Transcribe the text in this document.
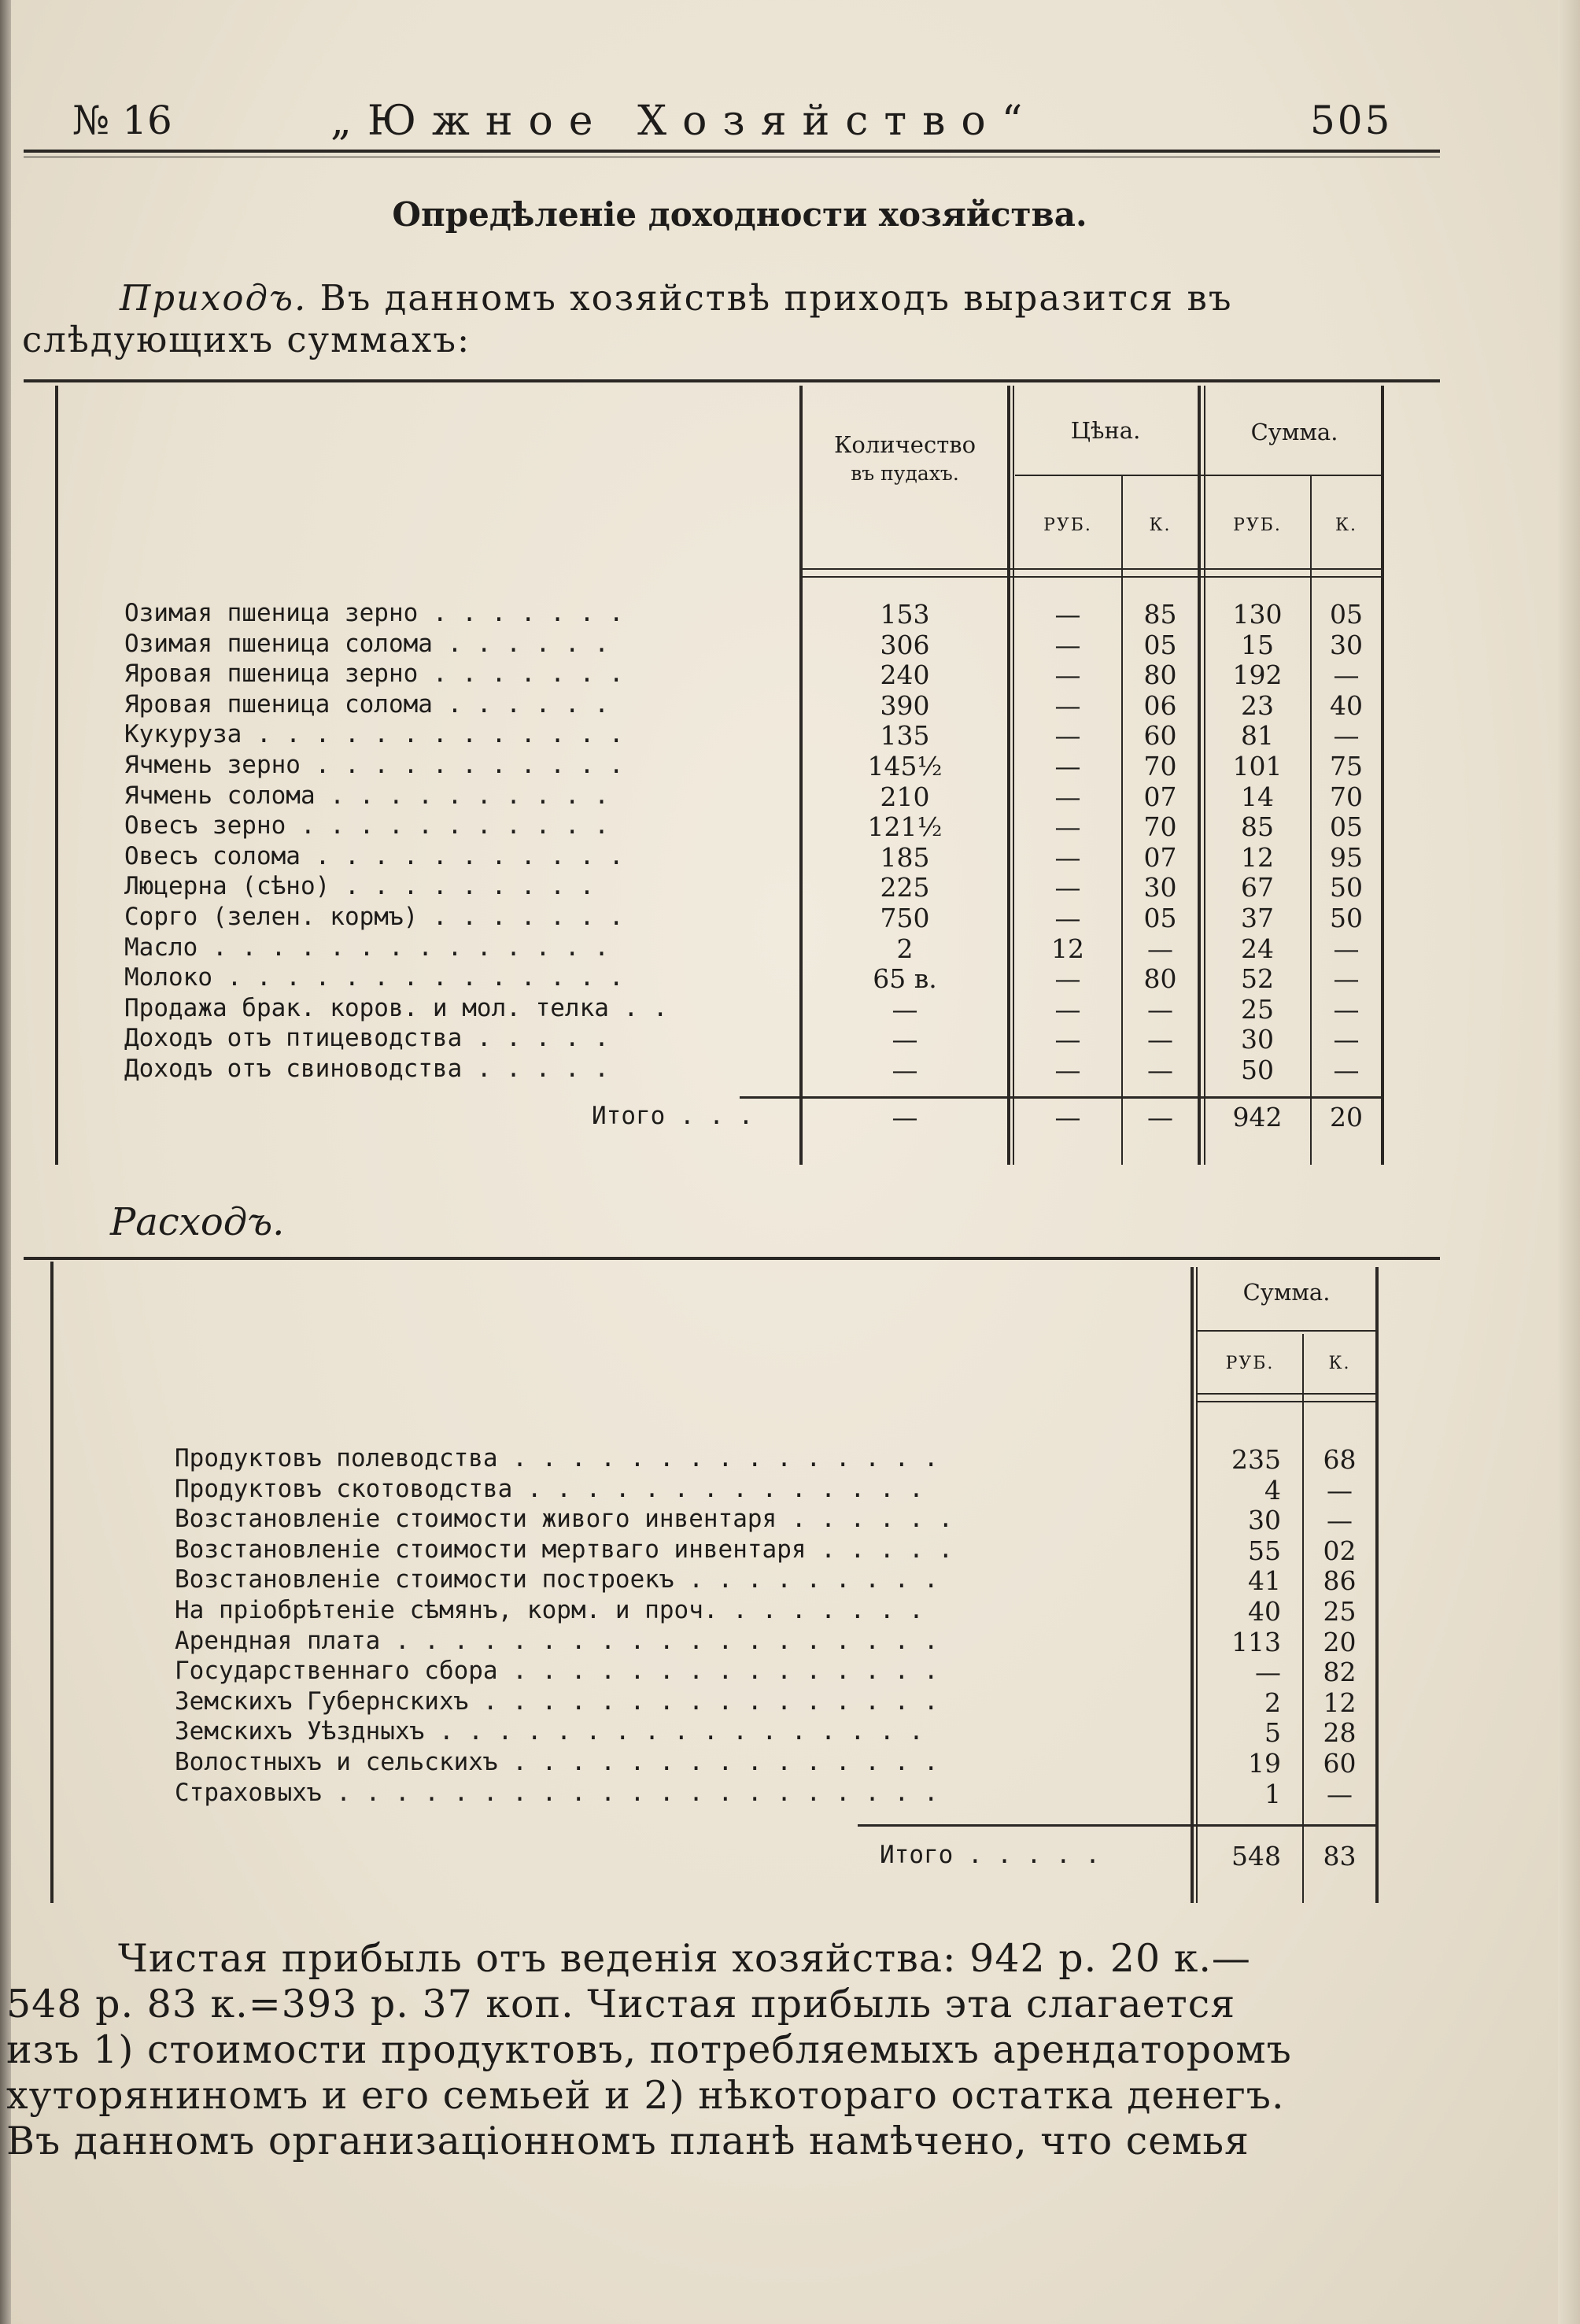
№ 16	„Южное Хозяйство“	505
Опредѣленіе доходности хозяйства.
Приходъ. Въ данномъ хозяйствѣ приходъ выразится въ
слѣдующихъ суммахъ:
Количество
въ пудахъ.
Цѣна.	Сумма.
РУБ.	К.	РУБ.	К.
Озимая пшеница зерно . . . . . . .	153	—	85	130	05
Озимая пшеница солома . . . . . .	306	—	05	15	30
Яровая пшеница зерно . . . . . . .	240	—	80	192	—
Яровая пшеница солома . . . . . .	390	—	06	23	40
Кукуруза . . . . . . . . . . . . .	135	—	60	81	—
Ячмень зерно . . . . . . . . . . .	145½	—	70	101	75
Ячмень солома . . . . . . . . . .	210	—	07	14	70
Овесъ зерно . . . . . . . . . . .	121½	—	70	85	05
Овесъ солома . . . . . . . . . . .	185	—	07	12	95
Люцерна (сѣно) . . . . . . . . .	225	—	30	67	50
Сорго (зелен. кормъ) . . . . . . .	750	—	05	37	50
Масло . . . . . . . . . . . . . .	2	12	—	24	—
Молоко . . . . . . . . . . . . . .	65 в.	—	80	52	—
Продажа брак. коров. и мол. телка . .	—	—	—	25	—
Доходъ отъ птицеводства . . . . .	—	—	—	30	—
Доходъ отъ свиноводства . . . . .	—	—	—	50	—
Итого . . .	—	—	—	942	20
Расходъ.
Сумма.
РУБ.	К.
Продуктовъ полеводства . . . . . . . . . . . . . . .	235	68
Продуктовъ скотоводства . . . . . . . . . . . . . .	4	—
Возстановленіе стоимости живого инвентаря . . . . . .	30	—
Возстановленіе стоимости мертваго инвентаря . . . . .	55	02
Возстановленіе стоимости построекъ . . . . . . . . .	41	86
На пріобрѣтеніе сѣмянъ, корм. и проч. . . . . . . .	40	25
Арендная плата . . . . . . . . . . . . . . . . . . .	113	20
Государственнаго сбора . . . . . . . . . . . . . . .	—	82
Земскихъ Губернскихъ . . . . . . . . . . . . . . . .	2	12
Земскихъ Уѣздныхъ . . . . . . . . . . . . . . . . .	5	28
Волостныхъ и сельскихъ . . . . . . . . . . . . . . .	19	60
Страховыхъ . . . . . . . . . . . . . . . . . . . . .	1	—
Итого . . . . .	548	83
Чистая прибыль отъ веденія хозяйства: 942 р. 20 к.—
548 р. 83 к.=393 р. 37 коп. Чистая прибыль эта слагается
изъ 1) стоимости продуктовъ, потребляемыхъ арендаторомъ
хуторяниномъ и его семьей и 2) нѣкотораго остатка денегъ.
Въ данномъ организаціонномъ планѣ намѣчено, что семья
